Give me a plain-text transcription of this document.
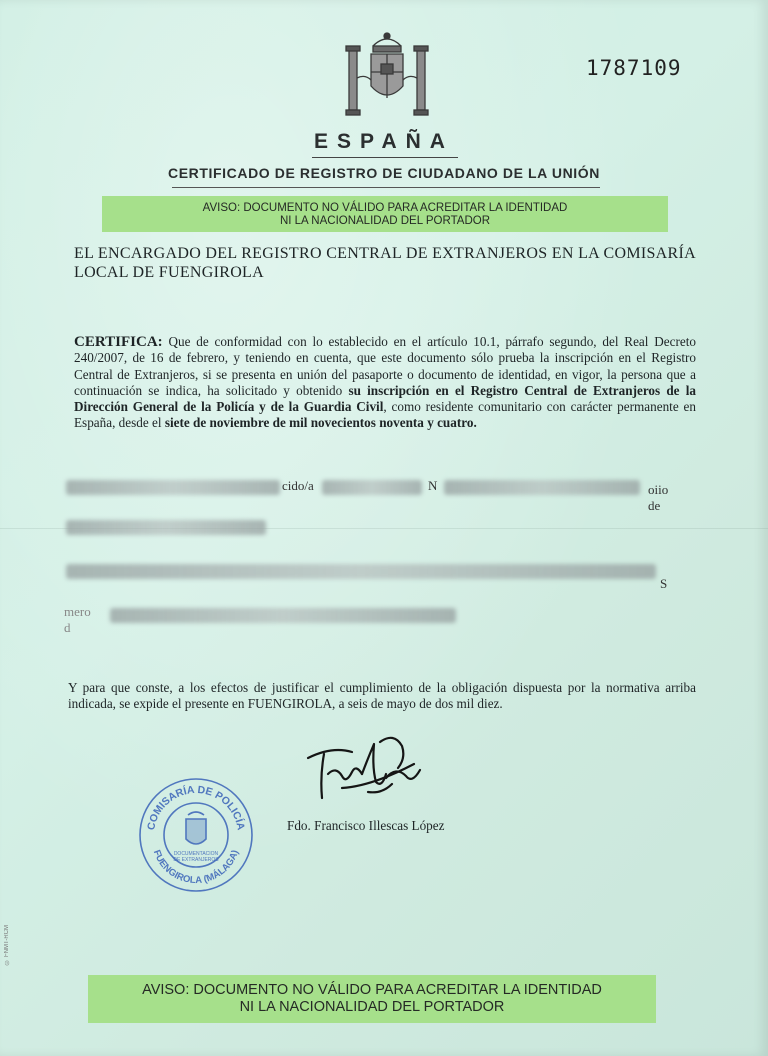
1787109
ESPAÑA
CERTIFICADO DE REGISTRO DE CIUDADANO DE LA UNIÓN
AVISO: DOCUMENTO NO VÁLIDO PARA ACREDITAR LA IDENTIDAD
NI LA NACIONALIDAD DEL PORTADOR
EL ENCARGADO DEL REGISTRO CENTRAL DE EXTRANJEROS EN LA COMISARÍA LOCAL DE FUENGIROLA
CERTIFICA: Que de conformidad con lo establecido en el artículo 10.1, párrafo segundo, del Real Decreto 240/2007, de 16 de febrero, y teniendo en cuenta, que este documento sólo prueba la inscripción en el Registro Central de Extranjeros, si se presenta en unión del pasaporte o documento de identidad, en vigor, la persona que a continuación se indica, ha solicitado y obtenido su inscripción en el Registro Central de Extranjeros de la Dirección General de la Policía y de la Guardia Civil, como residente comunitario con carácter permanente en España, desde el siete de noviembre de mil novecientos noventa y cuatro.
cido/a	N	oiio de
S
mero d
Y para que conste, a los efectos de justificar el cumplimiento de la obligación dispuesta por la normativa arriba indicada, se expide el presente en FUENGIROLA, a seis de mayo de dos mil diez.
Fdo. Francisco Illescas López
COMISARÍA DE POLICÍA
FUENGIROLA (MÁLAGA)
DOCUMENTACIÓN DE EXTRANJEROS
© FNMT-RCM
AVISO: DOCUMENTO NO VÁLIDO PARA ACREDITAR LA IDENTIDAD
NI LA NACIONALIDAD DEL PORTADOR
